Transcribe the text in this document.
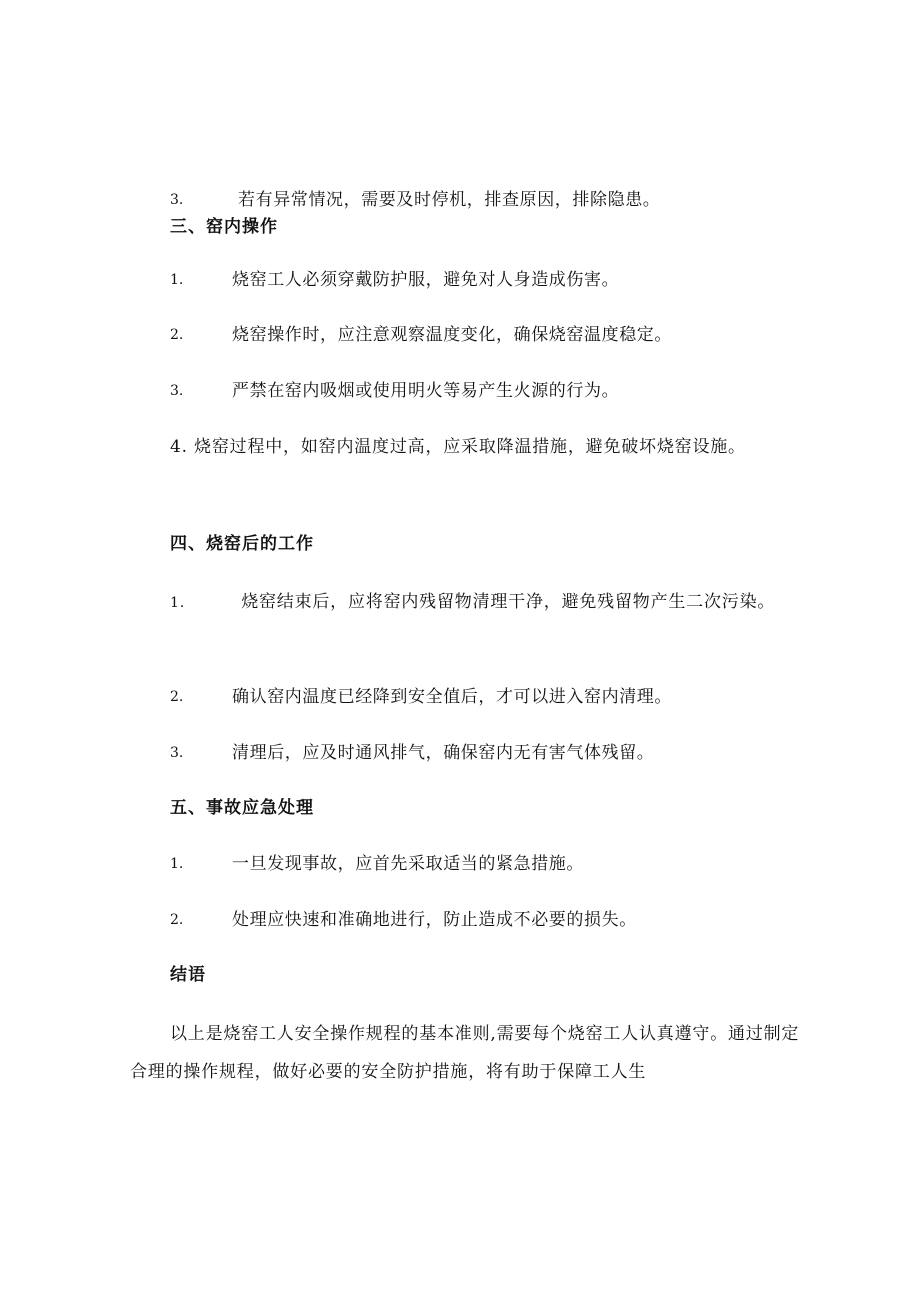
3.	若有异常情况，需要及时停机，排查原因，排除隐患。
三、窑内操作
1.	烧窑工人必须穿戴防护服，避免对人身造成伤害。
2.	烧窑操作时，应注意观察温度变化，确保烧窑温度稳定。
3.	严禁在窑内吸烟或使用明火等易产生火源的行为。
4. 烧窑过程中，如窑内温度过高，应采取降温措施，避免破坏烧窑设施。
四、烧窑后的工作
1.	烧窑结束后，应将窑内残留物清理干净，避免残留物产生二次污染。
2.	确认窑内温度已经降到安全值后，才可以进入窑内清理。
3.	清理后，应及时通风排气，确保窑内无有害气体残留。
五、事故应急处理
1.	一旦发现事故，应首先采取适当的紧急措施。
2.	处理应快速和准确地进行，防止造成不必要的损失。
结语
以上是烧窑工人安全操作规程的基本准则,需要每个烧窑工人认真遵守。通过制定合理的操作规程，做好必要的安全防护措施，将有助于保障工人生
